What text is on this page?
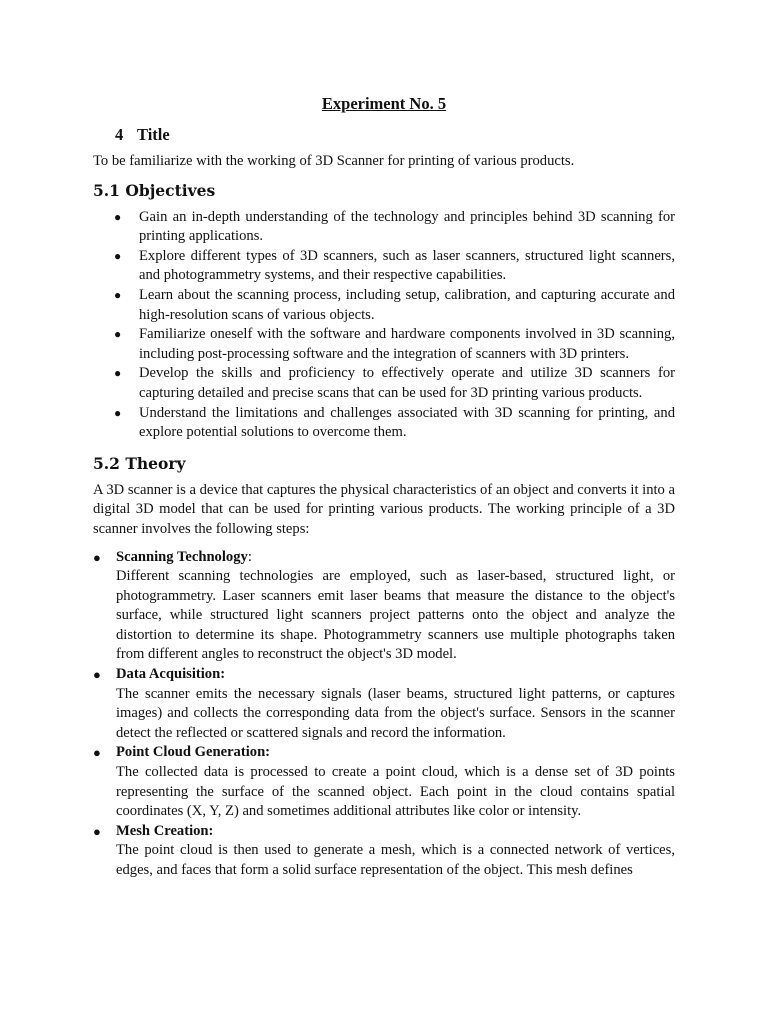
Experiment No. 5
4 Title

To be familiarize with the working of 3D Scanner for printing of various products.

5.1 Objectives
● Gain an in-depth understanding of the technology and principles behind 3D scanning for printing applications.
● Explore different types of 3D scanners, such as laser scanners, structured light scanners, and photogrammetry systems, and their respective capabilities.
● Learn about the scanning process, including setup, calibration, and capturing accurate and high-resolution scans of various objects.
● Familiarize oneself with the software and hardware components involved in 3D scanning, including post-processing software and the integration of scanners with 3D printers.
● Develop the skills and proficiency to effectively operate and utilize 3D scanners for capturing detailed and precise scans that can be used for 3D printing various products.
● Understand the limitations and challenges associated with 3D scanning for printing, and explore potential solutions to overcome them.
5.2 Theory

A 3D scanner is a device that captures the physical characteristics of an object and converts it into a digital 3D model that can be used for printing various products. The working principle of a 3D scanner involves the following steps:

● Scanning Technology:
Different scanning technologies are employed, such as laser-based, structured light, or photogrammetry. Laser scanners emit laser beams that measure the distance to the object's surface, while structured light scanners project patterns onto the object and analyze the distortion to determine its shape. Photogrammetry scanners use multiple photographs taken from different angles to reconstruct the object's 3D model.
● Data Acquisition:
The scanner emits the necessary signals (laser beams, structured light patterns, or captures images) and collects the corresponding data from the object's surface. Sensors in the scanner detect the reflected or scattered signals and record the information.
● Point Cloud Generation:
The collected data is processed to create a point cloud, which is a dense set of 3D points representing the surface of the scanned object. Each point in the cloud contains spatial coordinates (X, Y, Z) and sometimes additional attributes like color or intensity.
● Mesh Creation:
The point cloud is then used to generate a mesh, which is a connected network of vertices, edges, and faces that form a solid surface representation of the object. This mesh defines
